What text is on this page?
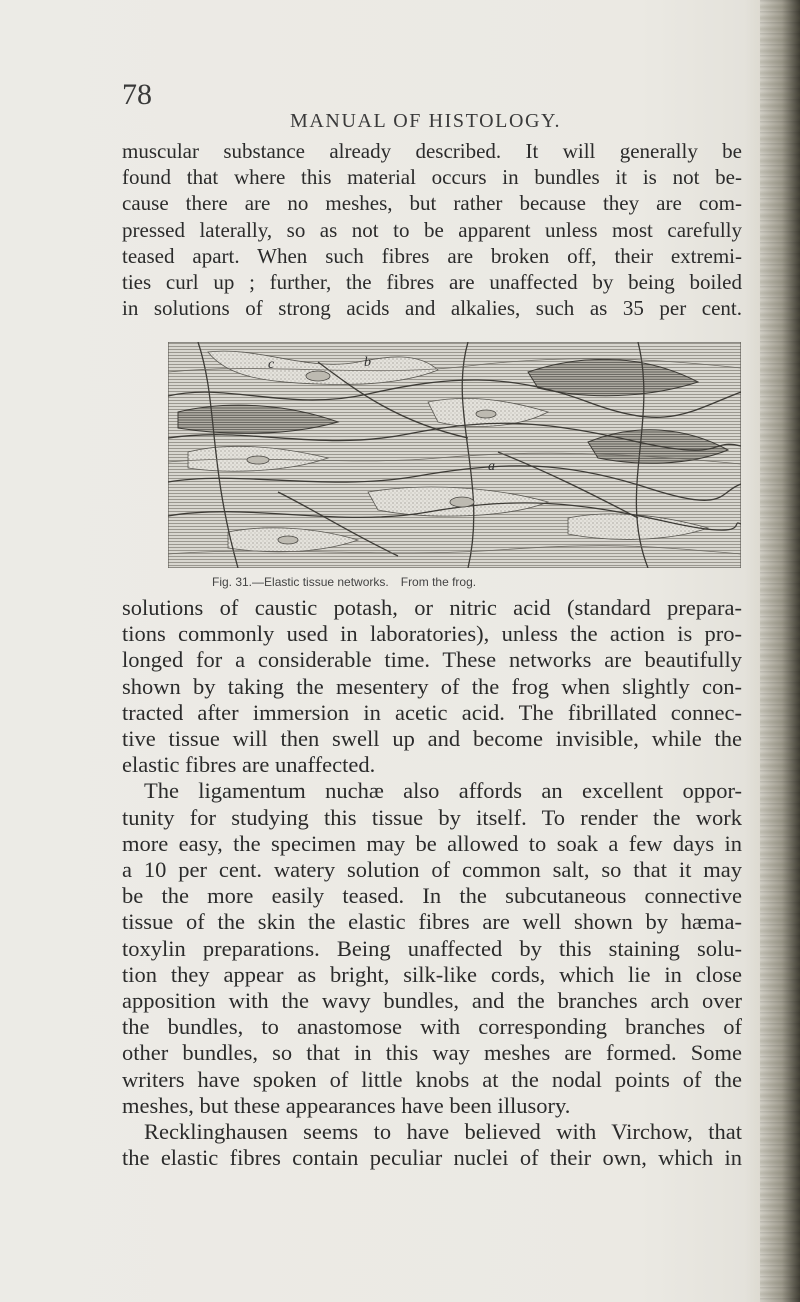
78
MANUAL OF HISTOLOGY.
muscular substance already described. It will generally be
found that where this material occurs in bundles it is not be-
cause there are no meshes, but rather because they are com-
pressed laterally, so as not to be apparent unless most carefully
teased apart. When such fibres are broken off, their extremi-
ties curl up ; further, the fibres are unaffected by being boiled
in solutions of strong acids and alkalies, such as 35 per cent.
c	b
a
Fig. 31.—Elastic tissue networks. From the frog.
solutions of caustic potash, or nitric acid (standard prepara-
tions commonly used in laboratories), unless the action is pro-
longed for a considerable time. These networks are beautifully
shown by taking the mesentery of the frog when slightly con-
tracted after immersion in acetic acid. The fibrillated connec-
tive tissue will then swell up and become invisible, while the
elastic fibres are unaffected.
The ligamentum nuchæ also affords an excellent oppor-
tunity for studying this tissue by itself. To render the work
more easy, the specimen may be allowed to soak a few days in
a 10 per cent. watery solution of common salt, so that it may
be the more easily teased. In the subcutaneous connective
tissue of the skin the elastic fibres are well shown by hæma-
toxylin preparations. Being unaffected by this staining solu-
tion they appear as bright, silk-like cords, which lie in close
apposition with the wavy bundles, and the branches arch over
the bundles, to anastomose with corresponding branches of
other bundles, so that in this way meshes are formed. Some
writers have spoken of little knobs at the nodal points of the
meshes, but these appearances have been illusory.
Recklinghausen seems to have believed with Virchow, that
the elastic fibres contain peculiar nuclei of their own, which in
